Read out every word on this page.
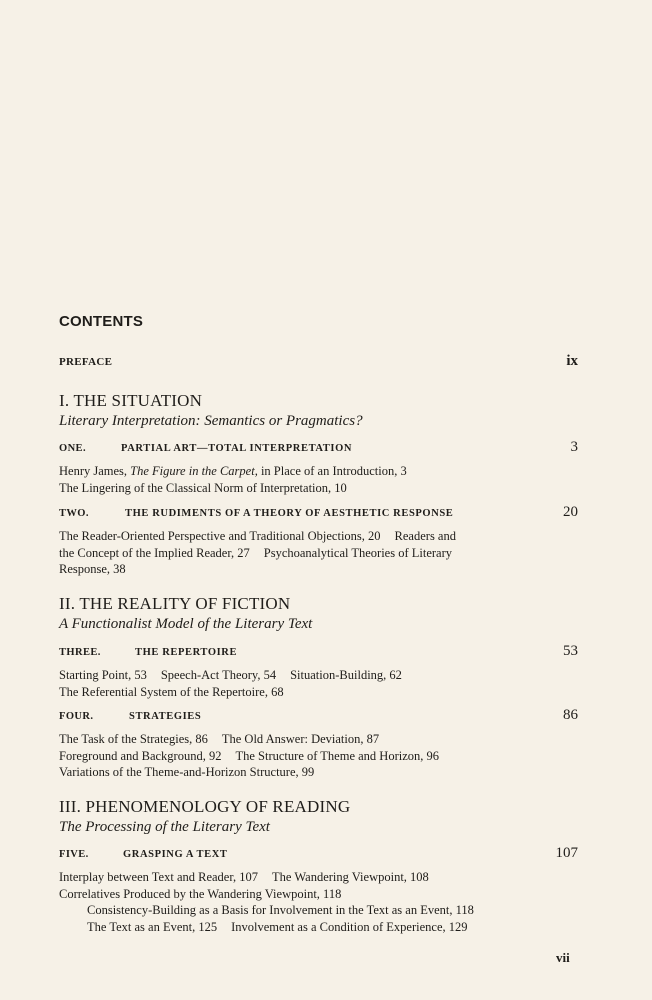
CONTENTS
PREFACE	ix
I. THE SITUATION
Literary Interpretation: Semantics or Pragmatics?
ONE.	PARTIAL ART—TOTAL INTERPRETATION	3
Henry James, The Figure in the Carpet, in Place of an Introduction, 3
The Lingering of the Classical Norm of Interpretation, 10
TWO.	THE RUDIMENTS OF A THEORY OF AESTHETIC RESPONSE	20
The Reader-Oriented Perspective and Traditional Objections, 20 Readers and
the Concept of the Implied Reader, 27 Psychoanalytical Theories of Literary
Response, 38
II. THE REALITY OF FICTION
A Functionalist Model of the Literary Text
THREE.	THE REPERTOIRE	53
Starting Point, 53 Speech-Act Theory, 54 Situation-Building, 62
The Referential System of the Repertoire, 68
FOUR.	STRATEGIES	86
The Task of the Strategies, 86 The Old Answer: Deviation, 87
Foreground and Background, 92 The Structure of Theme and Horizon, 96
Variations of the Theme-and-Horizon Structure, 99
III. PHENOMENOLOGY OF READING
The Processing of the Literary Text
FIVE.	GRASPING A TEXT	107
Interplay between Text and Reader, 107 The Wandering Viewpoint, 108
Correlatives Produced by the Wandering Viewpoint, 118
Consistency-Building as a Basis for Involvement in the Text as an Event, 118
The Text as an Event, 125 Involvement as a Condition of Experience, 129
vii
